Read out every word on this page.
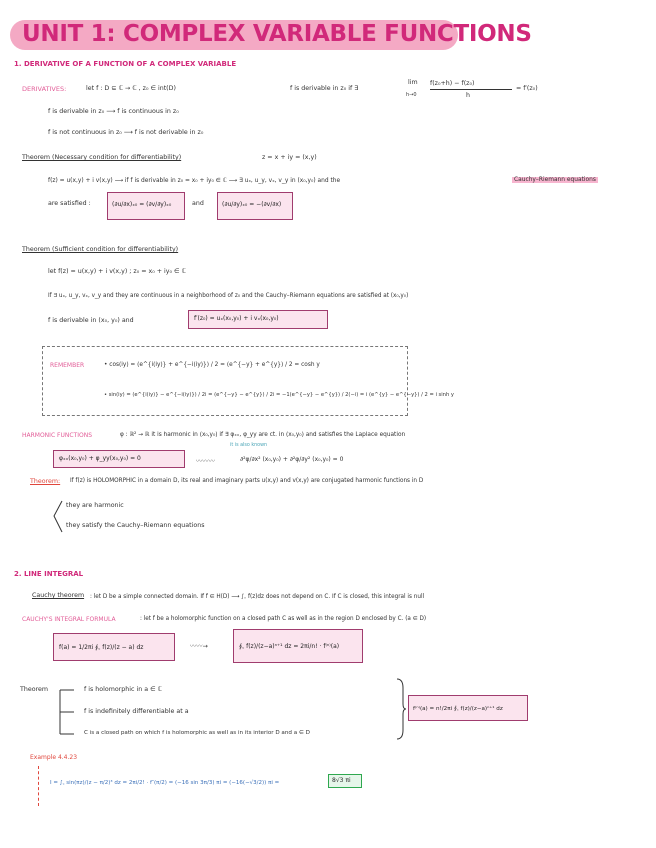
UNIT 1: COMPLEX VARIABLE FUNCTIONS
1. DERIVATIVE OF A FUNCTION OF A COMPLEX VARIABLE
DERIVATIVES:	let f : D ⊆ ℂ → ℂ , z₀ ∈ int(D)	f is derivable in z₀ if ∃
lim
h→0
f(z₀+h) − f(z₀)
h
= f′(z₀)
f is derivable in z₀ ⟶ f is continuous in z₀
f is not continuous in z₀ ⟶ f is not derivable in z₀
Theorem (Necessary condition for differentiability)	z = x + iy = (x,y)
f(z) = u(x,y) + i v(x,y) ⟶ if f is derivable in z₀ = x₀ + iy₀ ∈ ℂ ⟶ ∃ uₓ, u_y, vₓ, v_y in (x₀,y₀) and the	Cauchy–Riemann equations
are satisfied :	(∂u/∂x)ₓ₀ = (∂v/∂y)ₓ₀	and	(∂u/∂y)ₓ₀ = −(∂v/∂x)
Theorem (Sufficient condition for differentiability)
let f(z) = u(x,y) + i v(x,y) ; z₀ = x₀ + iy₀ ∈ ℂ
If ∃ uₓ, u_y, vₓ, v_y and they are continuous in a neighborhood of z₀ and the Cauchy–Riemann equations are satisfied at (x₀,y₀)
f is derivable in (x₀, y₀) and	f′(z₀) = uₓ(x₀,y₀) + i vₓ(x₀,y₀)
REMEMBER	• cos(iy) = (e^{i(iy)} + e^{−i(iy)}) / 2 = (e^{−y} + e^{y}) / 2 = cosh y
• sin(iy) = (e^{i(iy)} − e^{−i(iy)}) / 2i = (e^{−y} − e^{y}) / 2i = −1(e^{−y} − e^{y}) / 2(−i) = i (e^{y} − e^{−y}) / 2 = i sinh y
HARMONIC FUNCTIONS	φ : ℝ² → ℝ it is harmonic in (x₀,y₀) if ∃ φₓₓ, φ_yy are ct. in (x₀,y₀) and satisfies the Laplace equation
φₓₓ(x₀,y₀) + φ_yy(x₀,y₀) = 0
it is also known
〰〰〰	∂²φ/∂x² (x₀,y₀) + ∂²φ/∂y² (x₀,y₀) = 0
Theorem: If f(z) is HOLOMORPHIC in a domain D, its real and imaginary parts u(x,y) and v(x,y) are conjugated harmonic functions in D
they are harmonic
they satisfy the Cauchy–Riemann equations
2. LINE INTEGRAL
Cauchy theorem : let D be a simple connected domain. If f ∈ H(D) ⟶ ∫꜀ f(z)dz does not depend on C. If C is closed, this integral is null
CAUCHY'S INTEGRAL FORMULA	: let f be a holomorphic function on a closed path C as well as in the region D enclosed by C. (a ∈ D)
f(a) = 1/2πi ∮꜀ f(z)/(z − a) dz	〰〰→	∮꜀ f(z)/(z−a)ⁿ⁺¹ dz = 2πi/n! · f⁽ⁿ⁾(a)
Theorem	f is holomorphic in a ∈ ℂ
f is indefinitely differentiable at a
C is a closed path on which f is holomorphic as well as in its interior D and a ∈ D
f⁽ⁿ⁾(a) = n!/2πi ∮꜀ f(z)/(z−a)ⁿ⁺¹ dz
Example 4.4.23
I = ∫꜀ sin(πz)/(z − π/2)³ dz = 2πi/2! · f″(π/2) = (−16 sin 3π/3) πi = (−16(−√3/2)) πi =	8√3 πi
